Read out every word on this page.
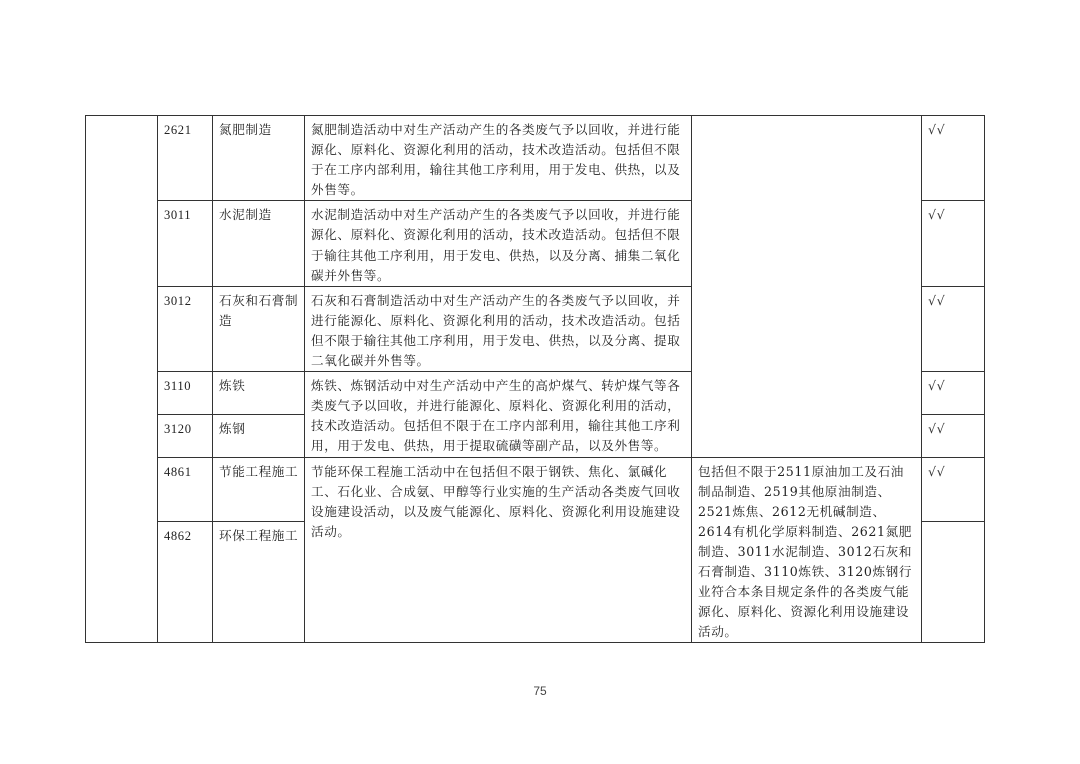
	2621	氮肥制造	氮肥制造活动中对生产活动产生的各类废气予以回收，并进行能源化、原料化、资源化利用的活动，技术改造活动。包括但不限于在工序内部利用，输往其他工序利用，用于发电、供热，以及外售等。		√√
	3011	水泥制造	水泥制造活动中对生产活动产生的各类废气予以回收，并进行能源化、原料化、资源化利用的活动，技术改造活动。包括但不限于输往其他工序利用，用于发电、供热，以及分离、捕集二氧化碳并外售等。		√√
	3012	石灰和石膏制造	石灰和石膏制造活动中对生产活动产生的各类废气予以回收，并进行能源化、原料化、资源化利用的活动，技术改造活动。包括但不限于输往其他工序利用，用于发电、供热，以及分离、提取二氧化碳并外售等。		√√
	3110	炼铁	炼铁、炼钢活动中对生产活动中产生的高炉煤气、转炉煤气等各类废气予以回收，并进行能源化、原料化、资源化利用的活动，技术改造活动。包括但不限于在工序内部利用，输往其他工序利用，用于发电、供热，用于提取硫磺等副产品，以及外售等。		√√
	3120	炼钢			√√
	4861	节能工程施工	节能环保工程施工活动中在包括但不限于钢铁、焦化、氯碱化工、石化业、合成氨、甲醇等行业实施的生产活动各类废气回收设施建设活动，以及废气能源化、原料化、资源化利用设施建设活动。	包括但不限于2511原油加工及石油制品制造、2519其他原油制造、2521炼焦、2612无机碱制造、2614有机化学原料制造、2621氮肥制造、3011水泥制造、3012石灰和石膏制造、3110炼铁、3120炼钢行业符合本条目规定条件的各类废气能源化、原料化、资源化利用设施建设活动。	√√
	4862	环保工程施工			
75
